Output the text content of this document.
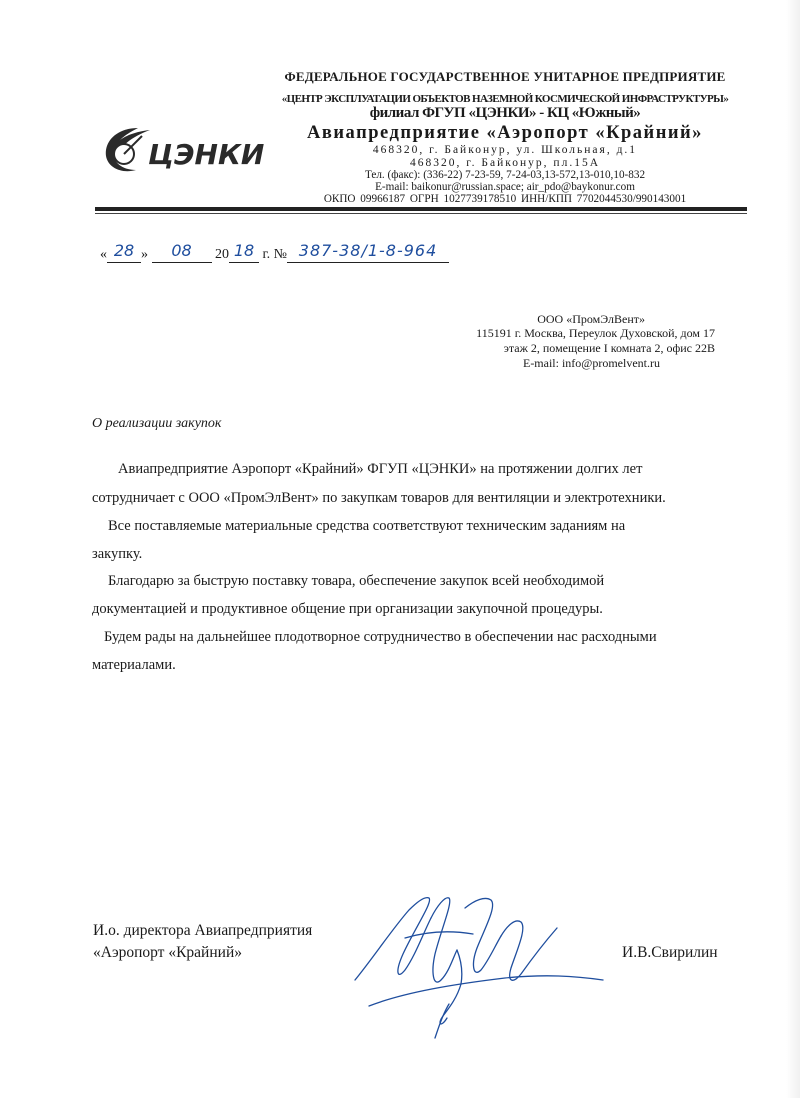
ЦЭНКИ
ФЕДЕРАЛЬНОЕ ГОСУДАРСТВЕННОЕ УНИТАРНОЕ ПРЕДПРИЯТИЕ
«ЦЕНТР ЭКСПЛУАТАЦИИ ОБЪЕКТОВ НАЗЕМНОЙ КОСМИЧЕСКОЙ ИНФРАСТРУКТУРЫ»
филиал ФГУП «ЦЭНКИ» - КЦ «Южный»
Авиапредприятие «Аэропорт «Крайний»
468320, г. Байконур, ул. Школьная, д.1
468320, г. Байконур, пл.15А
Тел. (факс): (336-22) 7-23-59, 7-24-03,13-572,13-010,10-832
E-mail: baikonur@russian.space; air_pdo@baykonur.com
ОКПО 09966187 ОГРН 1027739178510 ИНН/КПП 7702044530/990143001
« 28 » 08 20 18 г. № 387-38/1-8-964
ООО «ПромЭлВент»
115191 г. Москва, Переулок Духовской, дом 17
этаж 2, помещение I комната 2, офис 22В
E-mail: info@promelvent.ru
О реализации закупок
Авиапредприятие Аэропорт «Крайний» ФГУП «ЦЭНКИ» на протяжении долгих лет
сотрудничает с ООО «ПромЭлВент» по закупкам товаров для вентиляции и электротехники.
Все поставляемые материальные средства соответствуют техническим заданиям на
закупку.
Благодарю за быструю поставку товара, обеспечение закупок всей необходимой
документацией и продуктивное общение при организации закупочной процедуры.
Будем рады на дальнейшее плодотворное сотрудничество в обеспечении нас расходными
материалами.
И.о. директора Авиапредприятия
«Аэропорт «Крайний»	И.В.Свирилин
